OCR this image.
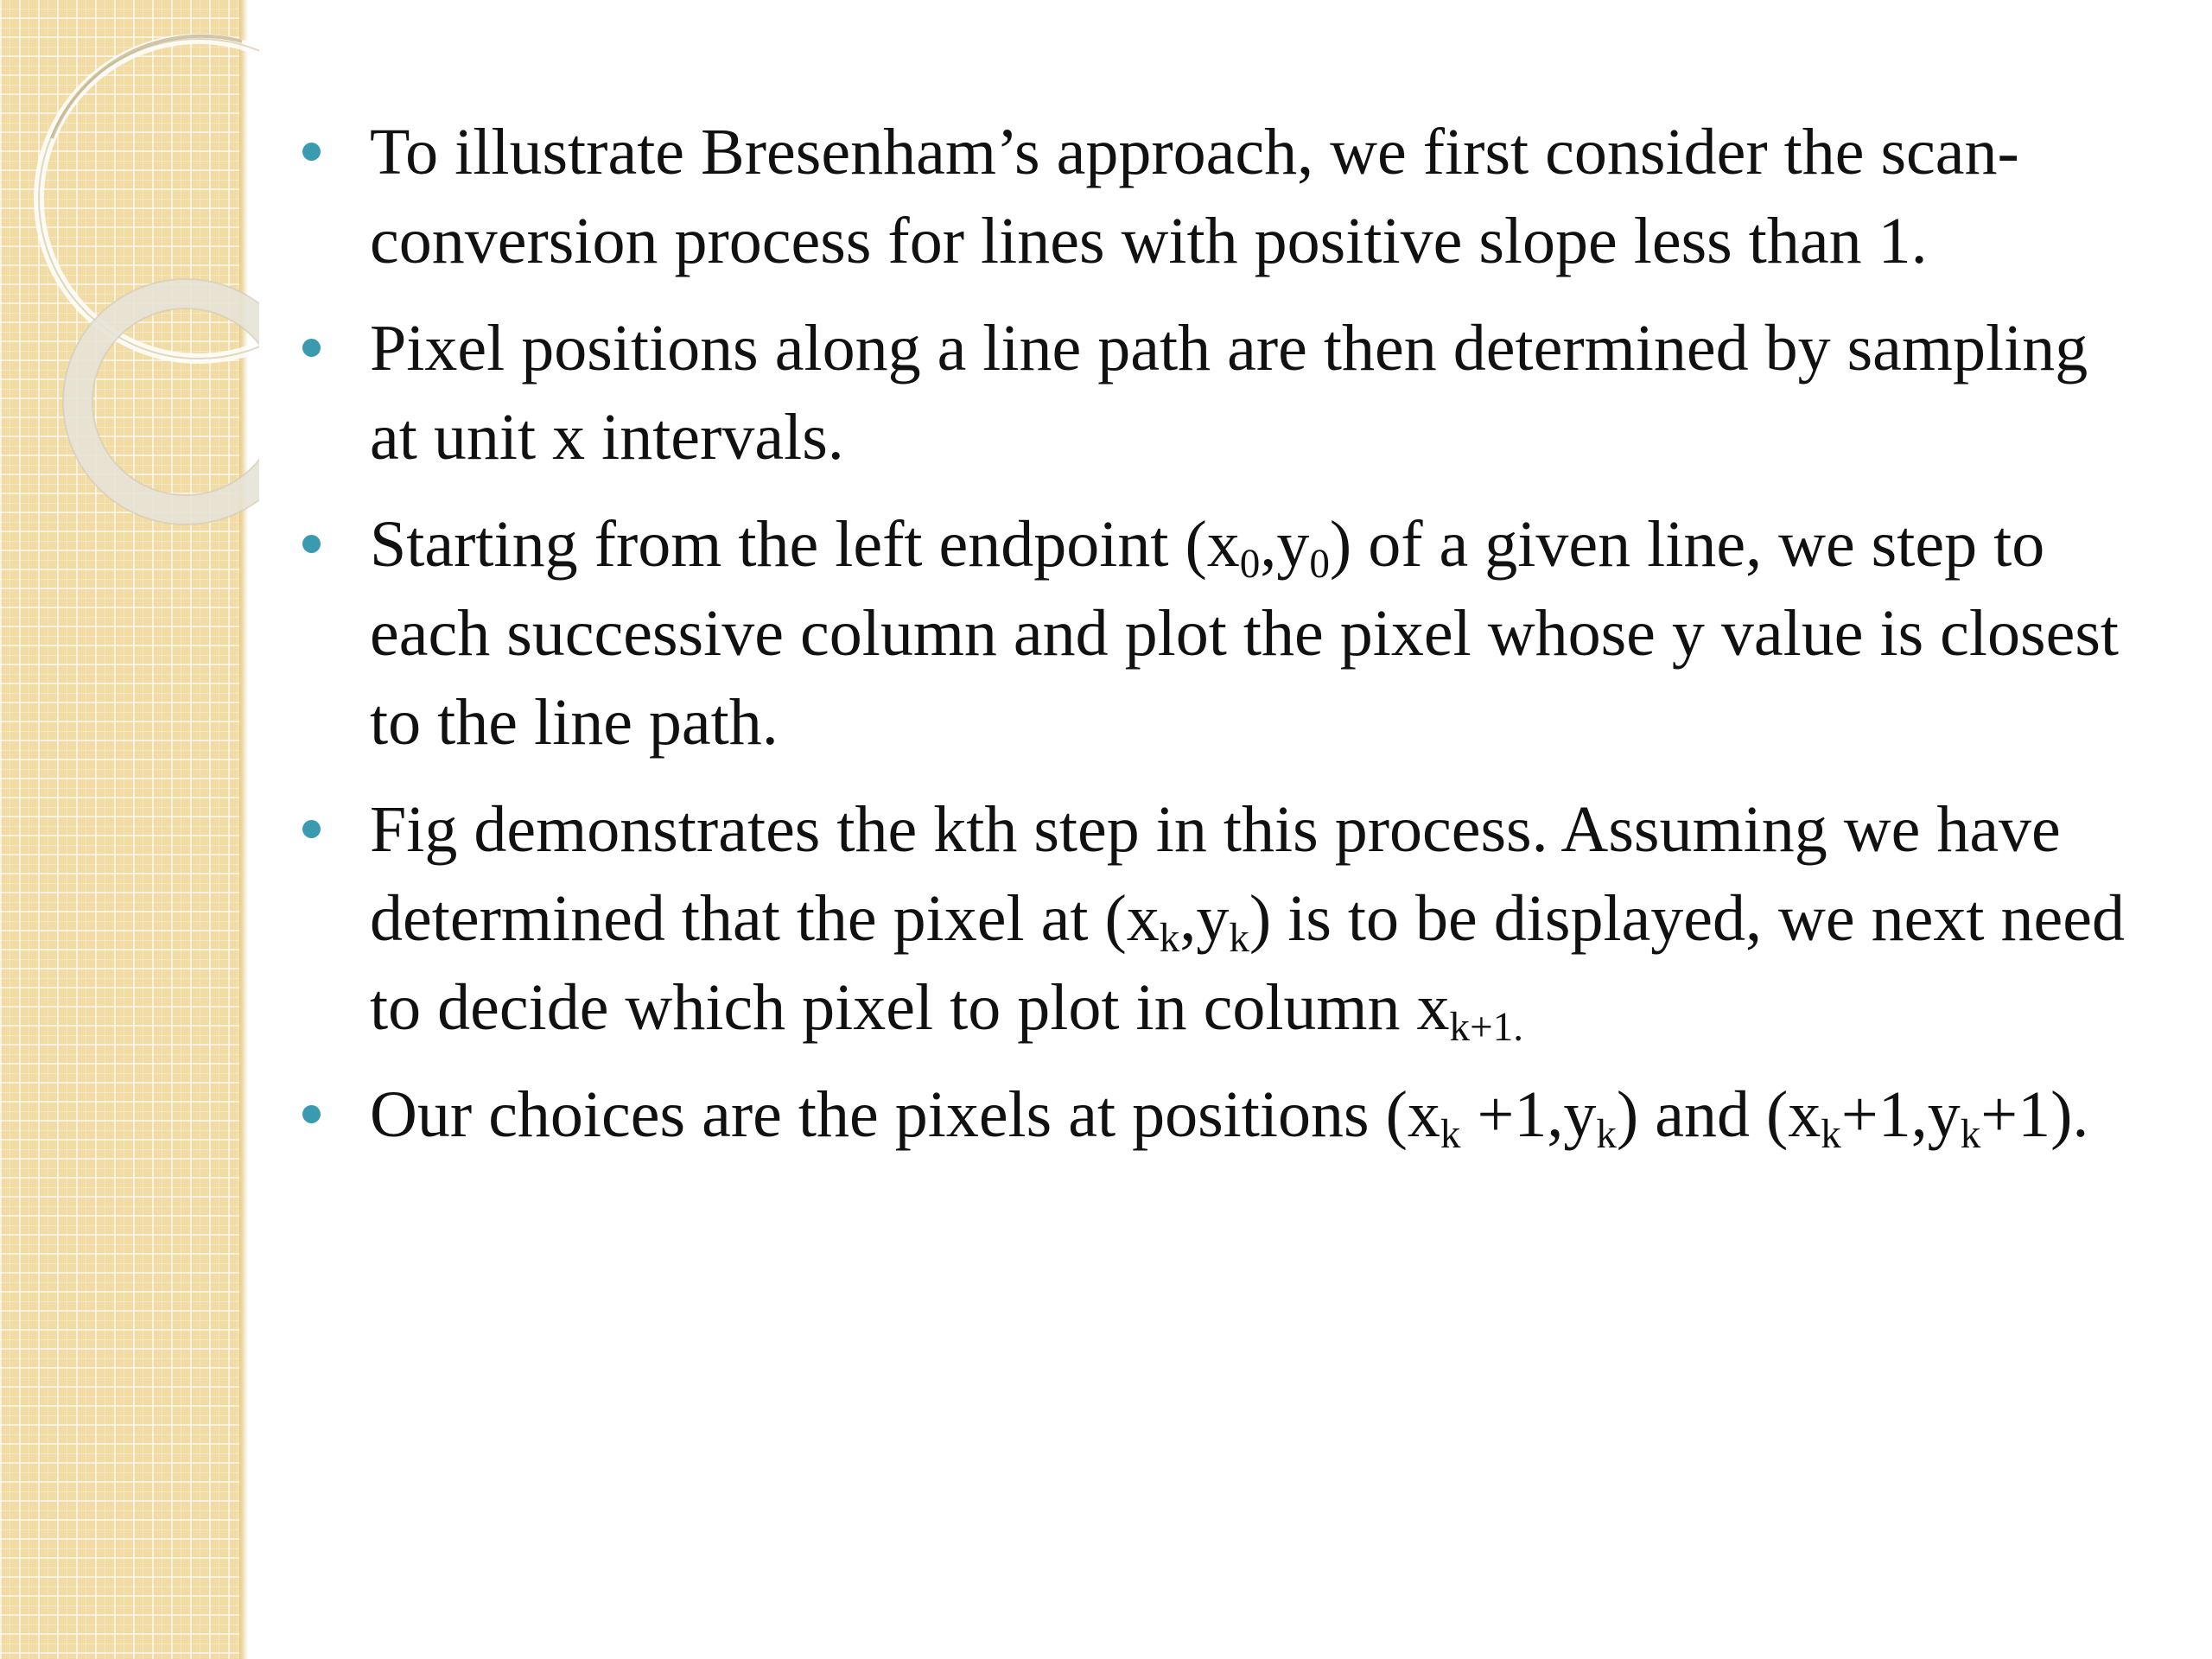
To illustrate Bresenham’s approach, we first consider the scan-conversion process for lines with positive slope less than 1.
Pixel positions along a line path are then determined by sampling at unit x intervals.
Starting from the left endpoint $(x_0,y_0)$ of a given line, we step to each successive column and plot the pixel whose y value is closest to the line path.
Fig demonstrates the kth step in this process. Assuming we have determined that the pixel at $(x_k,y_k)$ is to be displayed, we next need to decide which pixel to plot in column $x_{k+1.}$
Our choices are the pixels at positions $(x_k +1,y_k)$ and $(x_k+1,y_k+1)$.
